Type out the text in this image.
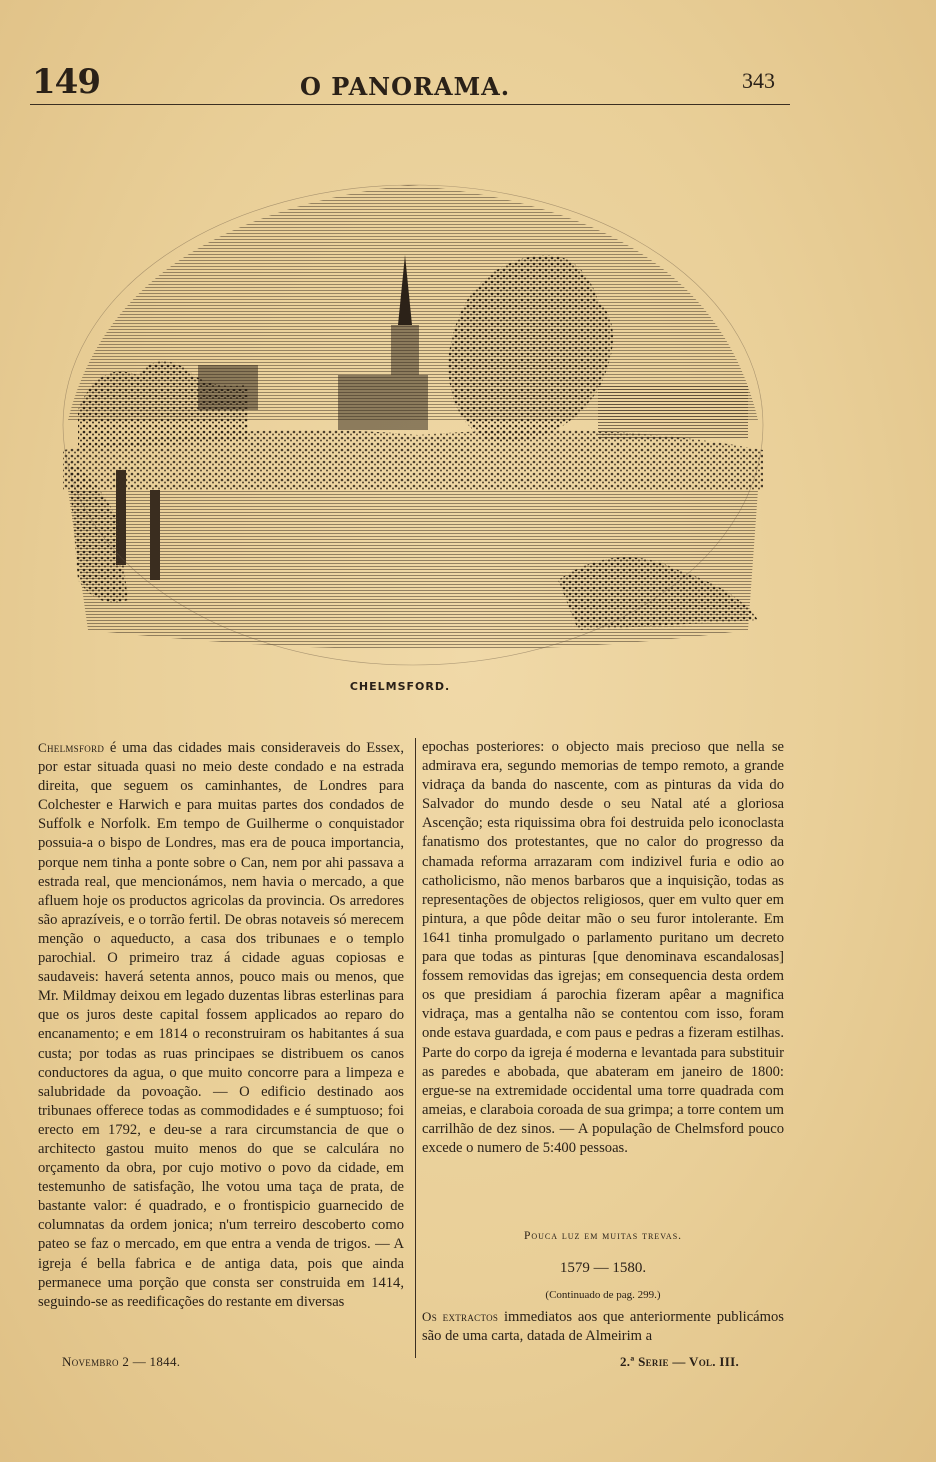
149	O PANORAMA.	343
CHELMSFORD.

Chelmsford é uma das cidades mais consideraveis do Essex, por estar situada quasi no meio deste condado e na estrada direita, que seguem os caminhantes, de Londres para Colchester e Harwich e para muitas partes dos condados de Suffolk e Norfolk. Em tempo de Guilherme o conquistador possuia-a o bispo de Londres, mas era de pouca importancia, porque nem tinha a ponte sobre o Can, nem por ahi passava a estrada real, que mencionámos, nem havia o mercado, a que afluem hoje os productos agricolas da provincia. Os arredores são aprazíveis, e o torrão fertil. De obras notaveis só merecem menção o aqueducto, a casa dos tribunaes e o templo parochial. O primeiro traz á cidade aguas copiosas e saudaveis: haverá setenta annos, pouco mais ou menos, que Mr. Mildmay deixou em legado duzentas libras esterlinas para que os juros deste capital fossem applicados ao reparo do encanamento; e em 1814 o reconstruiram os habitantes á sua custa; por todas as ruas principaes se distribuem os canos conductores da agua, o que muito concorre para a limpeza e salubridade da povoação. — O edificio destinado aos tribunaes offerece todas as commodidades e é sumptuoso; foi erecto em 1792, e deu-se a rara circumstancia de que o architecto gastou muito menos do que se calculára no orçamento da obra, por cujo motivo o povo da cidade, em testemunho de satisfação, lhe votou uma taça de prata, de bastante valor: é quadrado, e o frontispicio guarnecido de columnatas da ordem jonica; n'um terreiro descoberto como pateo se faz o mercado, em que entra a venda de trigos. — A igreja é bella fabrica e de antiga data, pois que ainda permanece uma porção que consta ser construida em 1414, seguindo-se as reedificações do restante em diversas

epochas posteriores: o objecto mais precioso que nella se admirava era, segundo memorias de tempo remoto, a grande vidraça da banda do nascente, com as pinturas da vida do Salvador do mundo desde o seu Natal até a gloriosa Ascenção; esta riquissima obra foi destruida pelo iconoclasta fanatismo dos protestantes, que no calor do progresso da chamada reforma arrazaram com indizivel furia e odio ao catholicismo, não menos barbaros que a inquisição, todas as representações de objectos religiosos, quer em vulto quer em pintura, a que pôde deitar mão o seu furor intolerante. Em 1641 tinha promulgado o parlamento puritano um decreto para que todas as pinturas [que denominava escandalosas] fossem removidas das igrejas; em consequencia desta ordem os que presidiam á parochia fizeram apêar a magnifica vidraça, mas a gentalha não se contentou com isso, foram onde estava guardada, e com paus e pedras a fizeram estilhas. Parte do corpo da igreja é moderna e levantada para substituir as paredes e abobada, que abateram em janeiro de 1800: ergue-se na extremidade occidental uma torre quadrada com ameias, e claraboia coroada de sua grimpa; a torre contem um carrilhão de dez sinos. — A população de Chelmsford pouco excede o numero de 5:400 pessoas.

Pouca luz em muitas trevas.
1579 — 1580.
(Continuado de pag. 299.)
Os extractos immediatos aos que anteriormente publicámos são de uma carta, datada de Almeirim a
Novembro 2 — 1844.	2.ª Serie — Vol. III.
